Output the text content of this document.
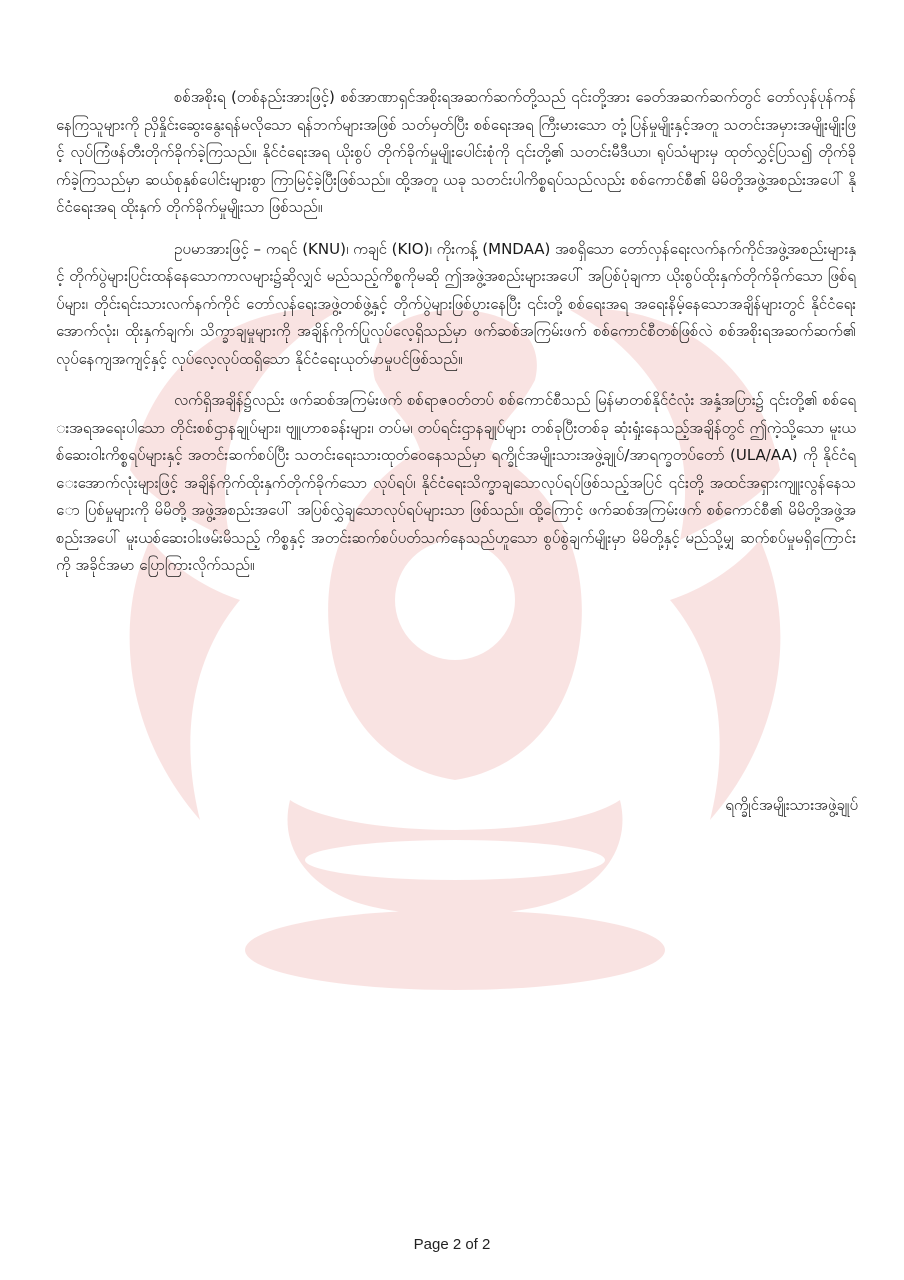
စစ်အစိုးရ (တစ်နည်းအားဖြင့်) စစ်အာဏာရှင်အစိုးရအဆက်ဆက်တို့သည် ၎င်းတို့အား ခေတ်အဆက်ဆက်တွင် တော်လှန်ပုန်ကန်နေကြသူများကို ညှိနှိုင်းဆွေးနွေးရန်မလိုသော ရန်ဘက်များအဖြစ် သတ်မှတ်ပြီး စစ်ရေးအရ ကြီးမားသော တုံ့ပြန်မှုမျိုးနှင့်အတူ သတင်းအမှားအမျိုးမျိုးဖြင့် လုပ်ကြံဖန်တီးတိုက်ခိုက်ခဲ့ကြသည်။ နိုင်ငံရေးအရ ယိုးစွပ် တိုက်ခိုက်မှုမျိုးပေါင်းစုံကို ၎င်းတို့၏ သတင်းမီဒီယာ၊ ရုပ်သံများမှ ထုတ်လွှင့်ပြသ၍ တိုက်ခိုက်ခဲ့ကြသည်မှာ ဆယ်စုနှစ်ပေါင်းများစွာ ကြာမြင့်ခဲ့ပြီးဖြစ်သည်။ ထို့အတူ ယခု သတင်းပါကိစ္စရပ်သည်လည်း စစ်ကောင်စီ၏ မိမိတို့အဖွဲ့အစည်းအပေါ် နိုင်ငံရေးအရ ထိုးနှက် တိုက်ခိုက်မှုမျိုးသာ ဖြစ်သည်။

ဥပမာအားဖြင့် – ကရင် (KNU)၊ ကချင် (KIO)၊ ကိုးကန့် (MNDAA) အစရှိသော တော်လှန်ရေးလက်နက်ကိုင်အဖွဲ့အစည်းများနှင့် တိုက်ပွဲများပြင်းထန်နေသောကာလများ၌ဆိုလျှင် မည်သည့်ကိစ္စကိုမဆို ဤအဖွဲ့အစည်းများအပေါ် အပြစ်ပုံချကာ ယိုးစွပ်ထိုးနှက်တိုက်ခိုက်သော ဖြစ်ရပ်များ၊ တိုင်းရင်းသားလက်နက်ကိုင် တော်လှန်ရေးအဖွဲ့တစ်ဖွဲ့နှင့် တိုက်ပွဲများဖြစ်ပွားနေပြီး ၎င်းတို့ စစ်ရေးအရ အရေးနိမ့်နေသောအချိန်များတွင် နိုင်ငံရေးအောက်လုံး၊ ထိုးနှက်ချက်၊ သိက္ခာချမှုများကို အချိန်ကိုက်ပြုလုပ်လေ့ရှိသည်မှာ ဖက်ဆစ်အကြမ်းဖက် စစ်ကောင်စီတစ်ဖြစ်လဲ စစ်အစိုးရအဆက်ဆက်၏ လုပ်နေကျအကျင့်နှင့် လုပ်လေ့လုပ်ထရှိသော နိုင်ငံရေးယုတ်မာမှုပင်ဖြစ်သည်။

လက်ရှိအချိန်၌လည်း ဖက်ဆစ်အကြမ်းဖက် စစ်ရာဇဝတ်တပ် စစ်ကောင်စီသည် မြန်မာတစ်နိုင်ငံလုံး အနှံ့အပြား၌ ၎င်းတို့၏ စစ်ရေးအရအရေးပါသော တိုင်းစစ်ဌာနချုပ်များ၊ ဗျူဟာစခန်းများ၊ တပ်မ၊ တပ်ရင်းဌာနချုပ်များ တစ်ခုပြီးတစ်ခု ဆုံးရှုံးနေသည့်အချိန်တွင် ဤကဲ့သို့သော မူးယစ်ဆေးဝါးကိစ္စရပ်များနှင့် အတင်းဆက်စပ်ပြီး သတင်းရေးသားထုတ်ဝေနေသည်မှာ ရက္ခိုင်အမျိုးသားအဖွဲ့ချုပ်/အာရက္ခတပ်တော် (ULA/AA) ကို နိုင်ငံရေးအောက်လုံးများဖြင့် အချိန်ကိုက်ထိုးနှက်တိုက်ခိုက်သော လုပ်ရပ်၊ နိုင်ငံရေးသိက္ခာချသောလုပ်ရပ်ဖြစ်သည့်အပြင် ၎င်းတို့ အထင်အရှားကျူးလွန်နေသော ပြစ်မှုများကို မိမိတို့ အဖွဲ့အစည်းအပေါ် အပြစ်လွှဲချသောလုပ်ရပ်များသာ ဖြစ်သည်။ ထို့ကြောင့် ဖက်ဆစ်အကြမ်းဖက် စစ်ကောင်စီ၏ မိမိတို့အဖွဲ့အစည်းအပေါ် မူးယစ်ဆေးဝါးဖမ်းမိသည့် ကိစ္စနှင့် အတင်းဆက်စပ်ပတ်သက်နေသည်ဟူသော စွပ်စွဲချက်မျိုးမှာ မိမိတို့နှင့် မည်သို့မျှ ဆက်စပ်မှုမရှိကြောင်းကို အခိုင်အမာ ပြောကြားလိုက်သည်။

ရက္ခိုင်အမျိုးသားအဖွဲ့ချုပ်
Page 2 of 2
